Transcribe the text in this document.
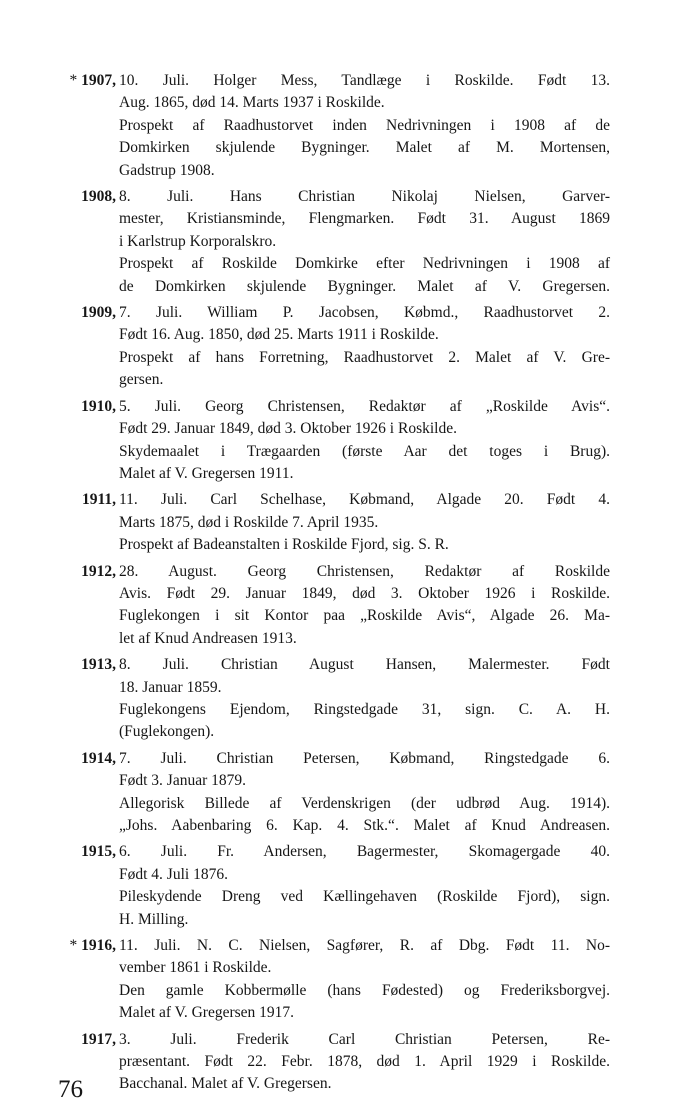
* 1907, 10. Juli. Holger Mess, Tandlæge i Roskilde. Født 13.
Aug. 1865, død 14. Marts 1937 i Roskilde.
Prospekt af Raadhustorvet inden Nedrivningen i 1908 af de
Domkirken skjulende Bygninger. Malet af M. Mortensen,
Gadstrup 1908.
1908, 8. Juli. Hans Christian Nikolaj Nielsen, Garver-
mester, Kristiansminde, Flengmarken. Født 31. August 1869
i Karlstrup Korporalskro.
Prospekt af Roskilde Domkirke efter Nedrivningen i 1908 af
de Domkirken skjulende Bygninger. Malet af V. Gregersen.
1909, 7. Juli. William P. Jacobsen, Købmd., Raadhustorvet 2.
Født 16. Aug. 1850, død 25. Marts 1911 i Roskilde.
Prospekt af hans Forretning, Raadhustorvet 2. Malet af V. Gre-
gersen.
1910, 5. Juli. Georg Christensen, Redaktør af „Roskilde Avis“.
Født 29. Januar 1849, død 3. Oktober 1926 i Roskilde.
Skydemaalet i Trægaarden (første Aar det toges i Brug).
Malet af V. Gregersen 1911.
1911, 11. Juli. Carl Schelhase, Købmand, Algade 20. Født 4.
Marts 1875, død i Roskilde 7. April 1935.
Prospekt af Badeanstalten i Roskilde Fjord, sig. S. R.
1912, 28. August. Georg Christensen, Redaktør af Roskilde
Avis. Født 29. Januar 1849, død 3. Oktober 1926 i Roskilde.
Fuglekongen i sit Kontor paa „Roskilde Avis“, Algade 26. Ma-
let af Knud Andreasen 1913.
1913, 8. Juli. Christian August Hansen, Malermester. Født
18. Januar 1859.
Fuglekongens Ejendom, Ringstedgade 31, sign. C. A. H.
(Fuglekongen).
1914, 7. Juli. Christian Petersen, Købmand, Ringstedgade 6.
Født 3. Januar 1879.
Allegorisk Billede af Verdenskrigen (der udbrød Aug. 1914).
„Johs. Aabenbaring 6. Kap. 4. Stk.“. Malet af Knud Andreasen.
1915, 6. Juli. Fr. Andersen, Bagermester, Skomagergade 40.
Født 4. Juli 1876.
Pileskydende Dreng ved Kællingehaven (Roskilde Fjord), sign.
H. Milling.
* 1916, 11. Juli. N. C. Nielsen, Sagfører, R. af Dbg. Født 11. No-
vember 1861 i Roskilde.
Den gamle Kobbermølle (hans Fødested) og Frederiksborgvej.
Malet af V. Gregersen 1917.
1917, 3. Juli. Frederik Carl Christian Petersen, Re-
præsentant. Født 22. Febr. 1878, død 1. April 1929 i Roskilde.
Bacchanal. Malet af V. Gregersen.
76
